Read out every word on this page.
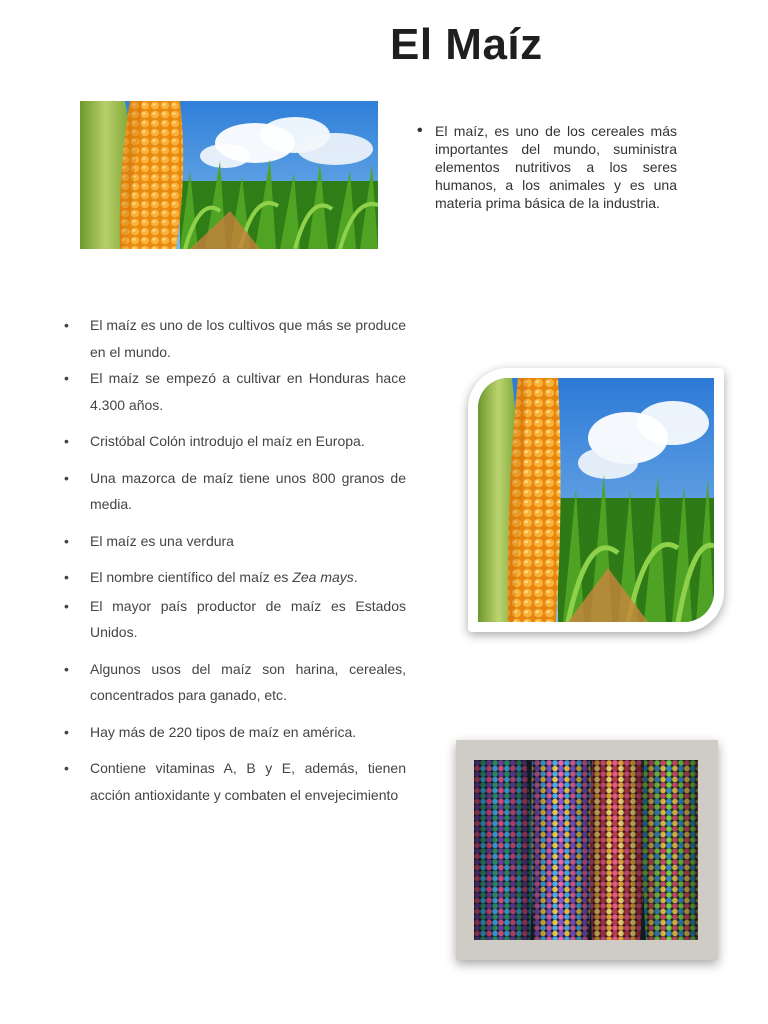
El Maíz
• El maíz, es uno de los cereales más importantes del mundo, suministra elementos nutritivos a los seres humanos, a los animales y es una materia prima básica de la industria.
• El maíz es uno de los cultivos que más se produce en el mundo.
• El maíz se empezó a cultivar en Honduras hace 4.300 años.
• Cristóbal Colón introdujo el maíz en Europa.
• Una mazorca de maíz tiene unos 800 granos de media.
• El maíz es una verdura
• El nombre científico del maíz es Zea mays.
• El mayor país productor de maíz es Estados Unidos.
• Algunos usos del maíz son harina, cereales, concentrados para ganado, etc.
• Hay más de 220 tipos de maíz en américa.
• Contiene vitaminas A, B y E, además, tienen acción antioxidante y combaten el envejecimiento
